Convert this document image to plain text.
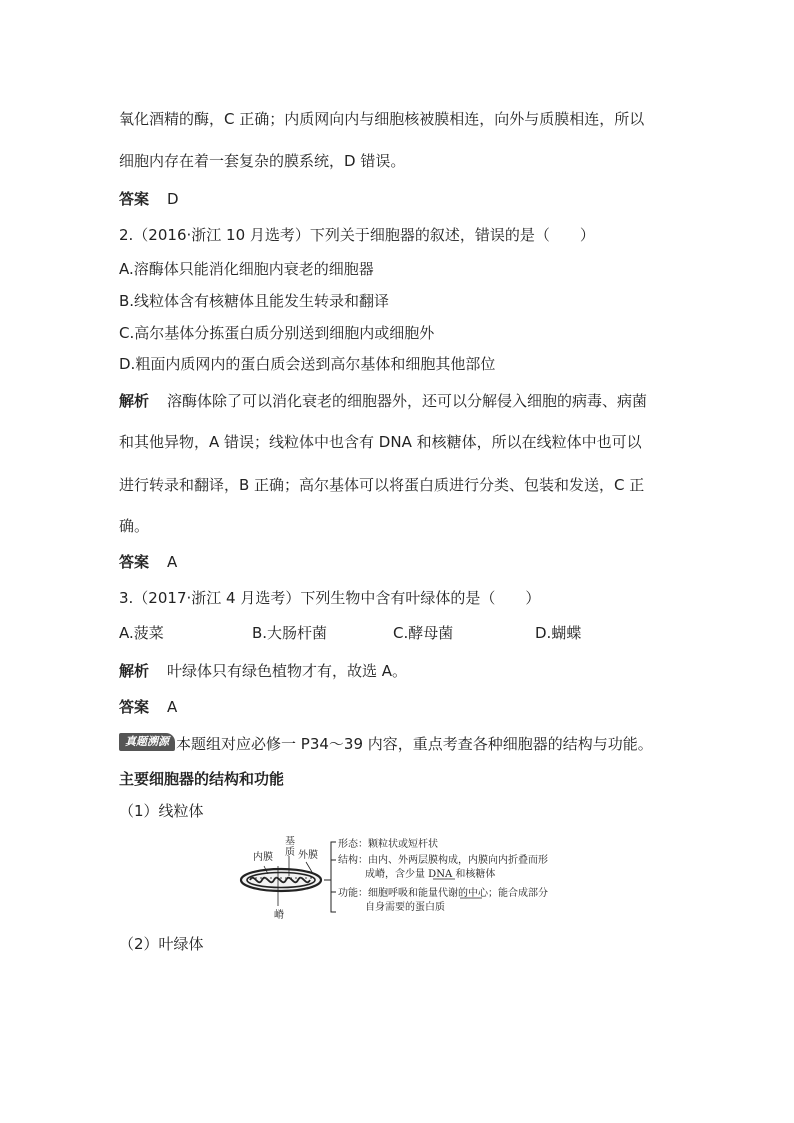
氧化酒精的酶，C 正确；内质网向内与细胞核被膜相连，向外与质膜相连，所以
细胞内存在着一套复杂的膜系统，D 错误。
答案 D
2.（2016·浙江 10 月选考）下列关于细胞器的叙述，错误的是（　　）
A.溶酶体只能消化细胞内衰老的细胞器
B.线粒体含有核糖体且能发生转录和翻译
C.高尔基体分拣蛋白质分别送到细胞内或细胞外
D.粗面内质网内的蛋白质会送到高尔基体和细胞其他部位
解析 溶酶体除了可以消化衰老的细胞器外，还可以分解侵入细胞的病毒、病菌
和其他异物，A 错误；线粒体中也含有 DNA 和核糖体，所以在线粒体中也可以
进行转录和翻译，B 正确；高尔基体可以将蛋白质进行分类、包装和发送，C 正
确。
答案 A
3.（2017·浙江 4 月选考）下列生物中含有叶绿体的是（　　）
A.菠菜	B.大肠杆菌	C.酵母菌	D.蝴蝶
解析 叶绿体只有绿色植物才有，故选 A。
答案 A
真题溯源 本题组对应必修一 P34～39 内容，重点考查各种细胞器的结构与功能。
主要细胞器的结构和功能
（1）线粒体
基
质
内膜	外膜
嵴
形态：颗粒状或短杆状
结构：由内、外两层膜构成，内膜向内折叠而形
成嵴，含少量 DNA 和核糖体
功能：细胞呼吸和能量代谢的中心；能合成部分
自身需要的蛋白质
（2）叶绿体
